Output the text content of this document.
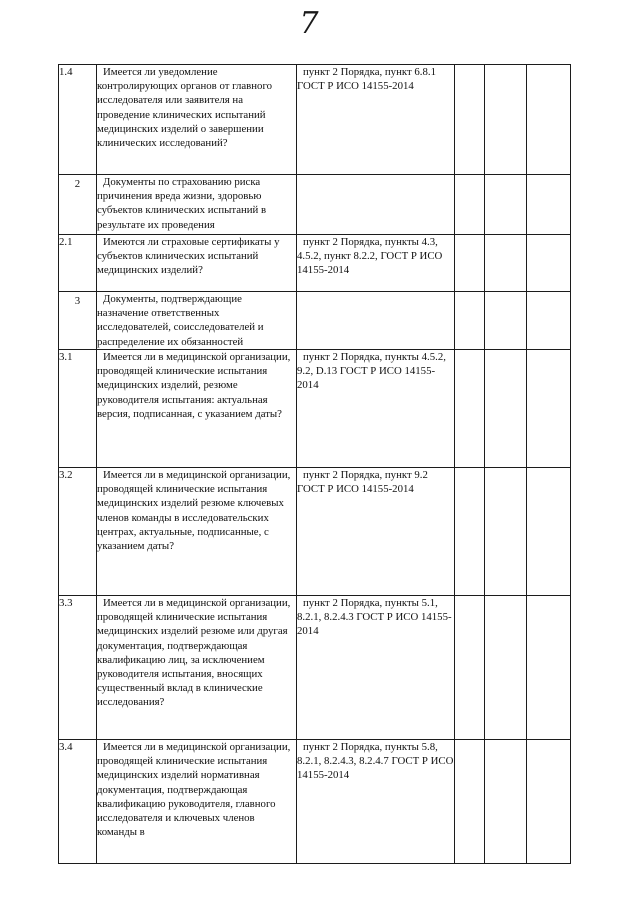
7
1.4	Имеется ли уведомление контролирующих органов от главного исследователя или заявителя на проведение клинических испытаний медицинских изделий о завершении клинических исследований?	пункт 2 Порядка, пункт 6.8.1 ГОСТ Р ИСО 14155-2014			
2	Документы по страхованию риска причинения вреда жизни, здоровью субъектов клинических испытаний в результате их проведения				
2.1	Имеются ли страховые сертификаты у субъектов клинических испытаний медицинских изделий?	пункт 2 Порядка, пункты 4.3, 4.5.2, пункт 8.2.2, ГОСТ Р ИСО 14155-2014			
3	Документы, подтверждающие назначение ответственных исследователей, соисследователей и распределение их обязанностей				
3.1	Имеется ли в медицинской организации, проводящей клинические испытания медицинских изделий, резюме руководителя испытания: актуальная версия, подписанная, с указанием даты?	пункт 2 Порядка, пункты 4.5.2, 9.2, D.13 ГОСТ Р ИСО 14155-2014			
3.2	Имеется ли в медицинской организации, проводящей клинические испытания медицинских изделий резюме ключевых членов команды в исследовательских центрах, актуальные, подписанные, с указанием даты?	пункт 2 Порядка, пункт 9.2 ГОСТ Р ИСО 14155-2014			
3.3	Имеется ли в медицинской организации, проводящей клинические испытания медицинских изделий резюме или другая документация, подтверждающая квалификацию лиц, за исключением руководителя испытания, вносящих существенный вклад в клинические исследования?	пункт 2 Порядка, пункты 5.1, 8.2.1, 8.2.4.3 ГОСТ Р ИСО 14155-2014			
3.4	Имеется ли в медицинской организации, проводящей клинические испытания медицинских изделий нормативная документация, подтверждающая квалификацию руководителя, главного исследователя и ключевых членов команды в	пункт 2 Порядка, пункты 5.8, 8.2.1, 8.2.4.3, 8.2.4.7 ГОСТ Р ИСО 14155-2014			
